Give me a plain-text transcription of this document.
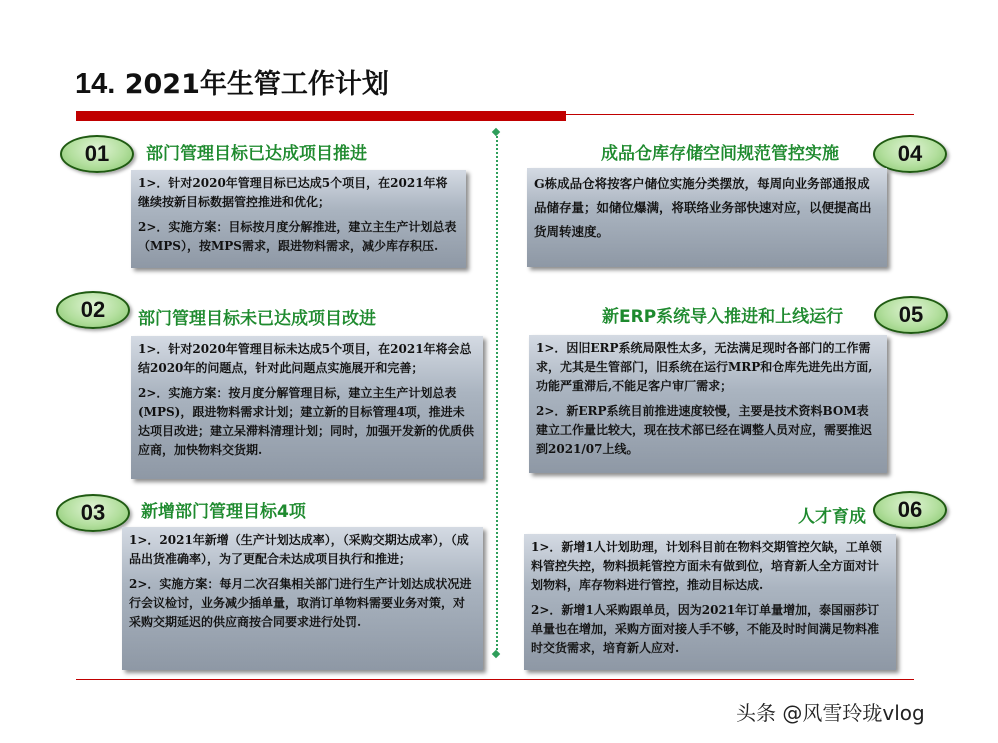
14. 2021年生管工作计划
01	部门管理目标已达成项目推进

1>．针对2020年管理目标已达成5个项目，在2021年将继续按新目标数据管控推进和优化；

2>．实施方案：目标按月度分解推进，建立主生产计划总表（MPS），按MPS需求，跟进物料需求，减少库存积压.

02	部门管理目标未已达成项目改进

1>．针对2020年管理目标未达成5个项目，在2021年将会总结2020年的问题点，针对此问题点实施展开和完善；

2>．实施方案：按月度分解管理目标，建立主生产计划总表(MPS)，跟进物料需求计划；建立新的目标管理4项，推进未达项目改进；建立呆滞料清理计划；同时，加强开发新的优质供应商，加快物料交货期.

03	新增部门管理目标4项

1>．2021年新增（生产计划达成率），（采购交期达成率），（成品出货准确率），为了更配合未达成项目执行和推进；

2>．实施方案：每月二次召集相关部门进行生产计划达成状况进行会议检讨，业务减少插单量，取消订单物料需要业务对策，对采购交期延迟的供应商按合同要求进行处罚.

成品仓库存储空间规范管控实施	04

G栋成品仓将按客户储位实施分类摆放，每周向业务部通报成品储存量；如储位爆满，将联络业务部快速对应，以便提高出货周转速度。

新ERP系统导入推进和上线运行	05

1>．因旧ERP系统局限性太多，无法满足现时各部门的工作需求，尤其是生管部门，旧系统在运行MRP和仓库先进先出方面,功能严重滞后,不能足客户审厂需求；

2>．新ERP系统目前推进速度较慢，主要是技术资料BOM表建立工作量比较大，现在技术部已经在调整人员对应，需要推迟到2021/07上线。

人才育成	06

1>．新增1人计划助理，计划科目前在物料交期管控欠缺，工单领料管控失控，物料损耗管控方面未有做到位，培育新人全方面对计划物料，库存物料进行管控，推动目标达成.

2>．新增1人采购跟单员，因为2021年订单量增加，泰国丽莎订单量也在增加，采购方面对接人手不够，不能及时时间满足物料准时交货需求，培育新人应对.

头条 @风雪玲珑vlog
